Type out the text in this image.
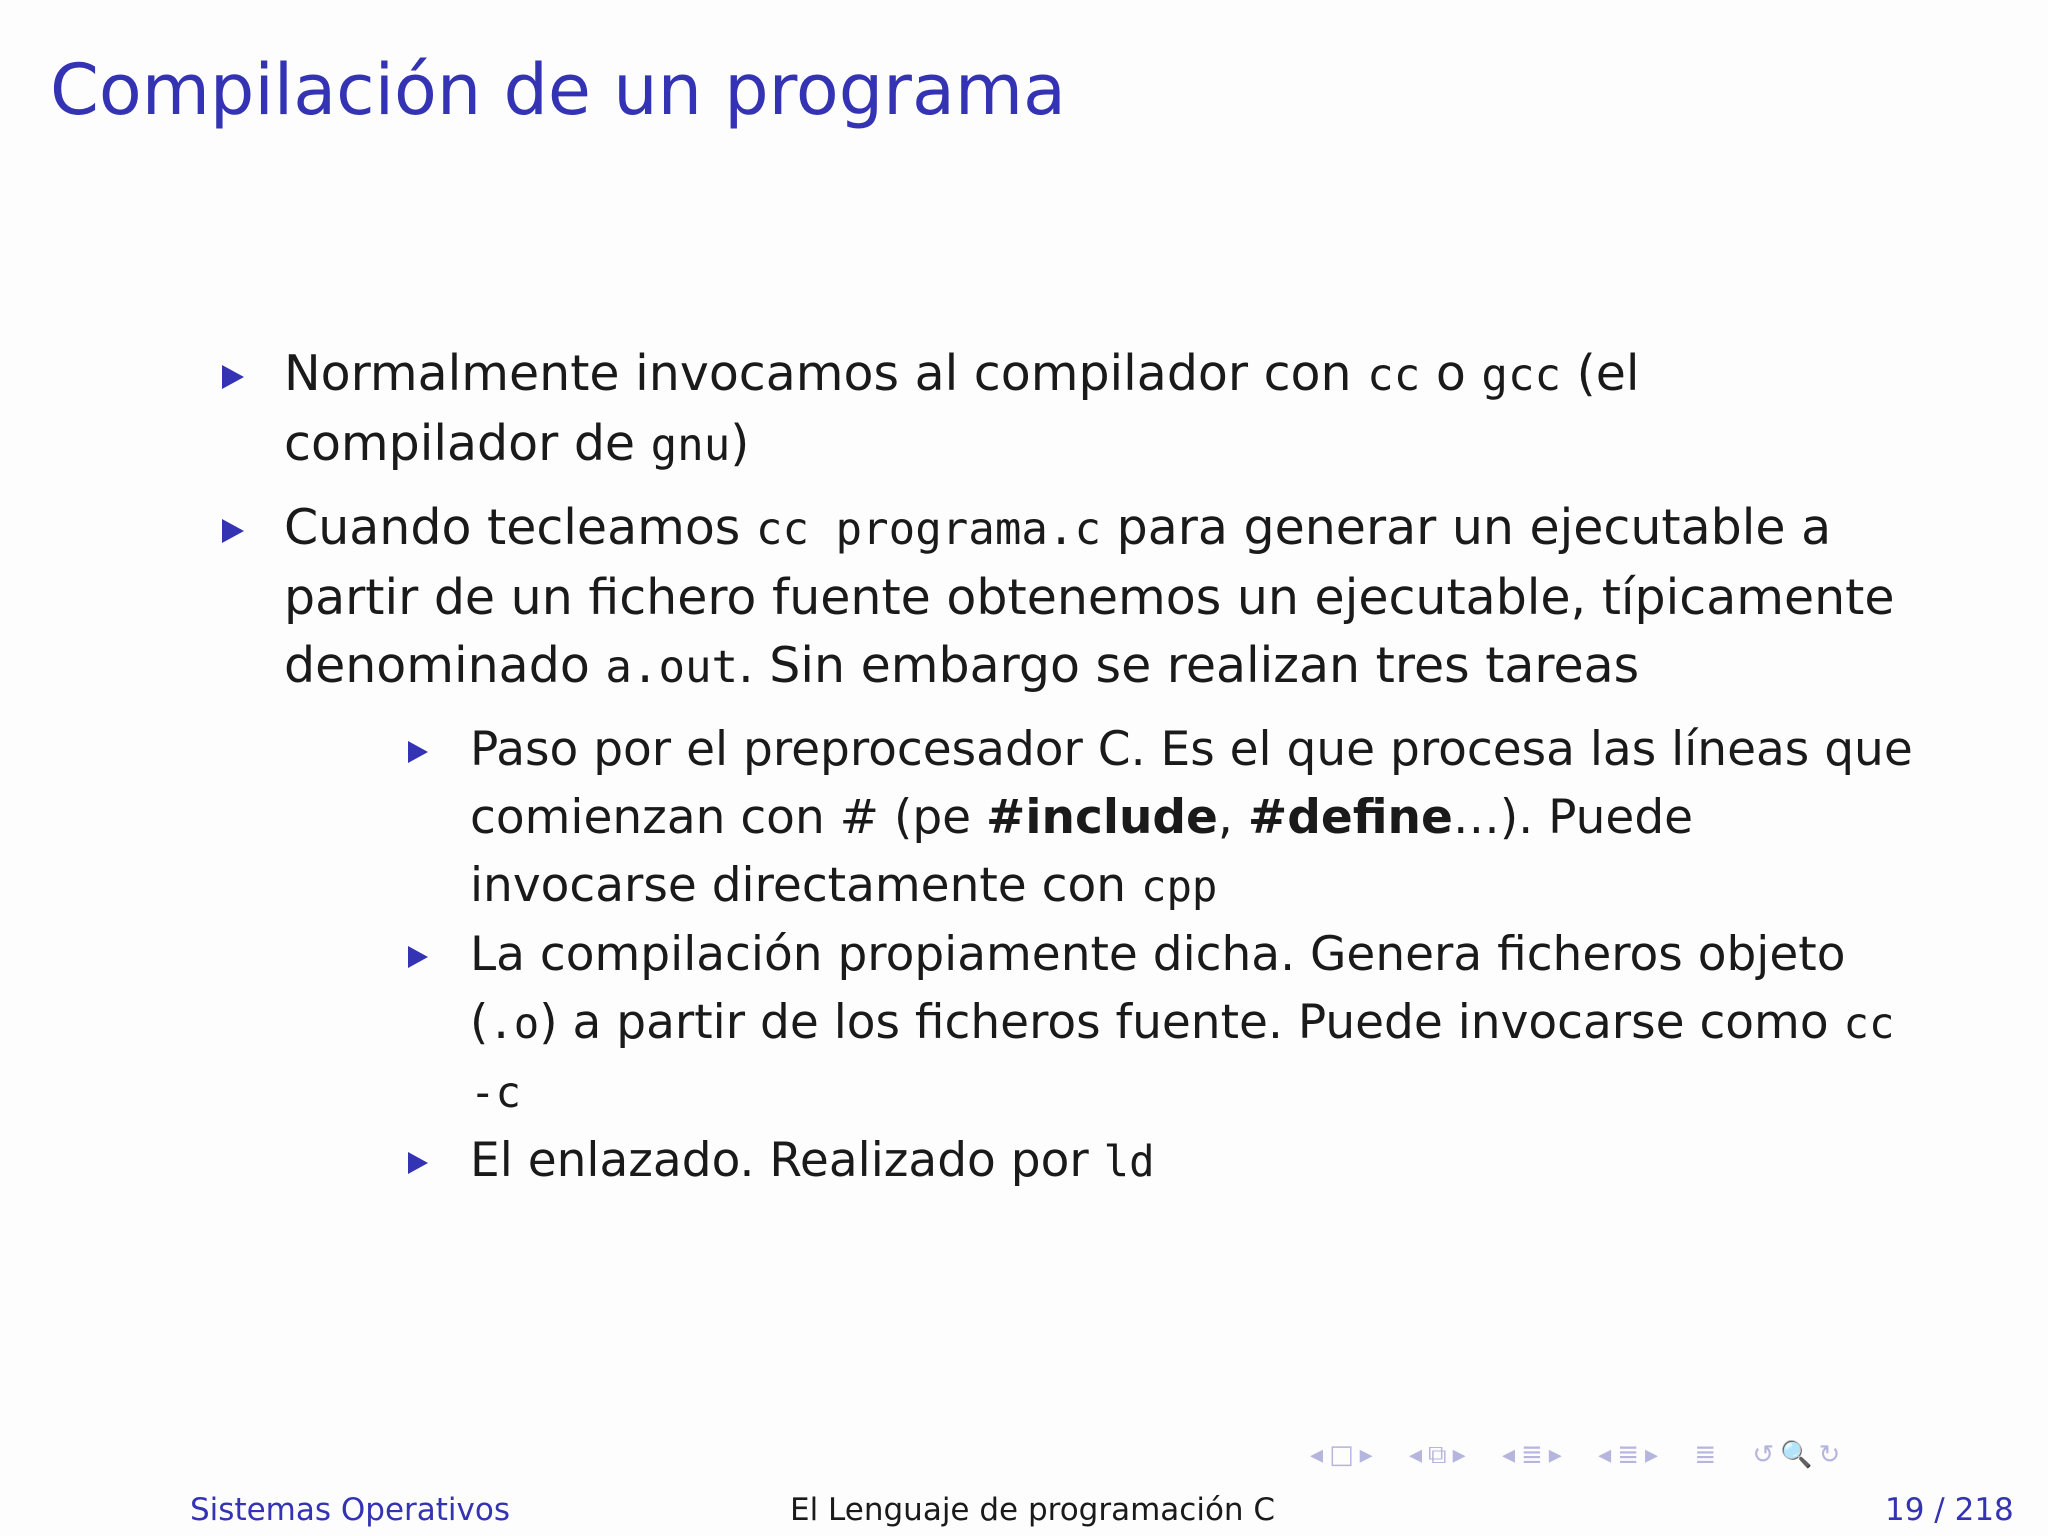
Compilación de un programa
Normalmente invocamos al compilador con cc o gcc (el compilador de gnu)
Cuando tecleamos cc programa.c para generar un ejecutable a partir de un fichero fuente obtenemos un ejecutable, típicamente denominado a.out. Sin embargo se realizan tres tareas
Paso por el preprocesador C. Es el que procesa las líneas que comienzan con # (pe #include, #define…). Puede invocarse directamente con cpp
La compilación propiamente dicha. Genera ficheros objeto (.o) a partir de los ficheros fuente. Puede invocarse como cc -c
El enlazado. Realizado por ld
◂ □ ▸ ◂ ⧉ ▸ ◂ ≣ ▸ ◂ ≣ ▸ ≣ ↺ 🔍 ↻
Sistemas Operativos	El Lenguaje de programación C	19 / 218
